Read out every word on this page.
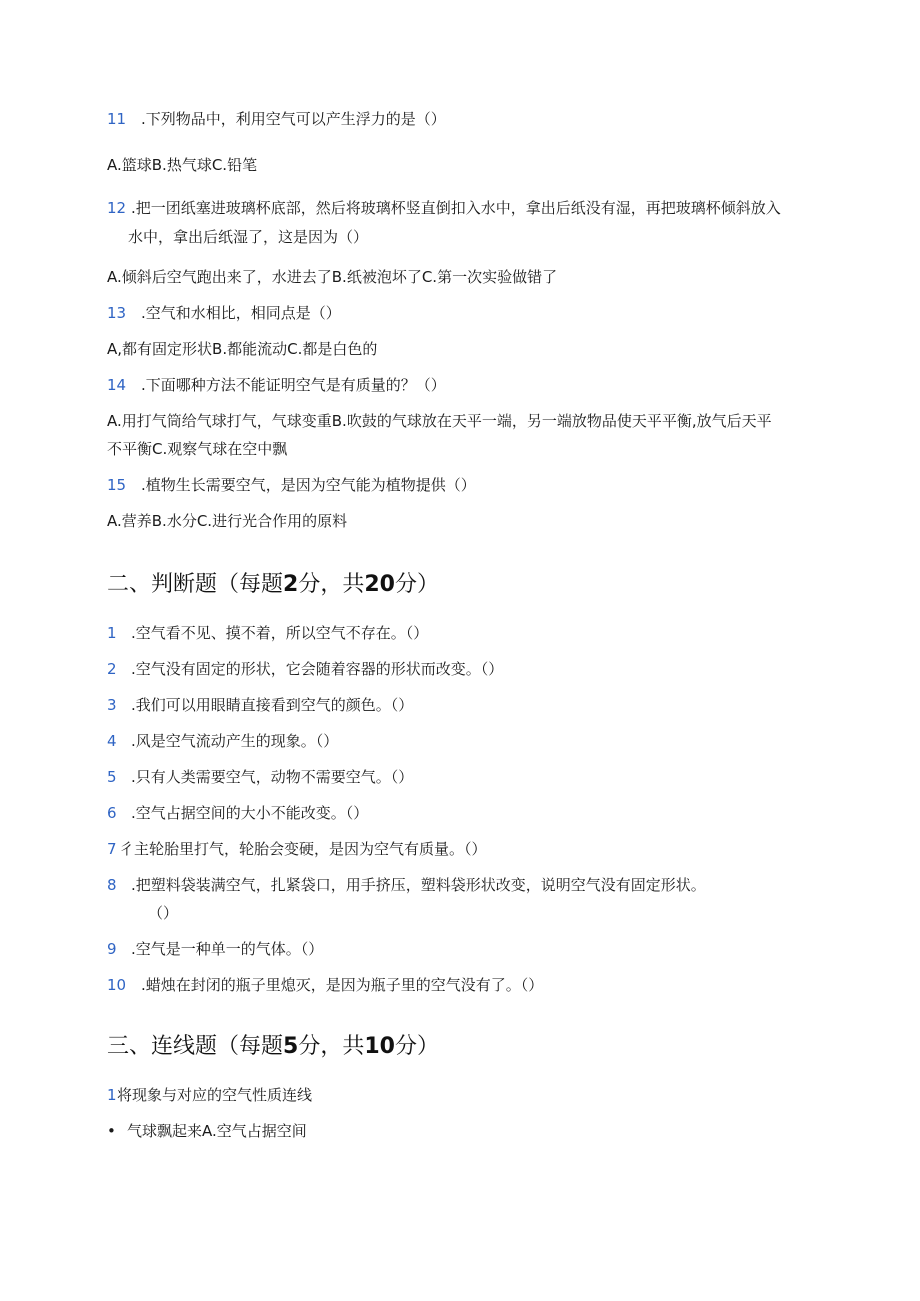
11 .下列物品中，利用空气可以产生浮力的是（）
A.篮球B.热气球C.铅笔
12 .把一团纸塞进玻璃杯底部，然后将玻璃杯竖直倒扣入水中，拿出后纸没有湿，再把玻璃杯倾斜放入
水中，拿出后纸湿了，这是因为（）
A.倾斜后空气跑出来了，水进去了B.纸被泡坏了C.第一次实验做错了
13 .空气和水相比，相同点是（）
A,都有固定形状B.都能流动C.都是白色的
14 .下面哪种方法不能证明空气是有质量的？（）
A.用打气筒给气球打气，气球变重B.吹鼓的气球放在天平一端，另一端放物品使天平平衡,放气后天平
不平衡C.观察气球在空中飘
15 .植物生长需要空气，是因为空气能为植物提供（）
A.营养B.水分C.进行光合作用的原料
二、判断题（每题2分，共20分）
1 .空气看不见、摸不着，所以空气不存在。（）
2 .空气没有固定的形状，它会随着容器的形状而改变。（）
3 .我们可以用眼睛直接看到空气的颜色。（）
4 .风是空气流动产生的现象。（）
5 .只有人类需要空气，动物不需要空气。（）
6 .空气占据空间的大小不能改变。（）
7 彳主轮胎里打气，轮胎会变硬，是因为空气有质量。（）
8 .把塑料袋装满空气，扎紧袋口，用手挤压，塑料袋形状改变，说明空气没有固定形状。
（）
9 .空气是一种单一的气体。（）
10 .蜡烛在封闭的瓶子里熄灭，是因为瓶子里的空气没有了。（）
三、连线题（每题5分，共10分）
1将现象与对应的空气性质连线
• 气球飘起来A.空气占据空间
